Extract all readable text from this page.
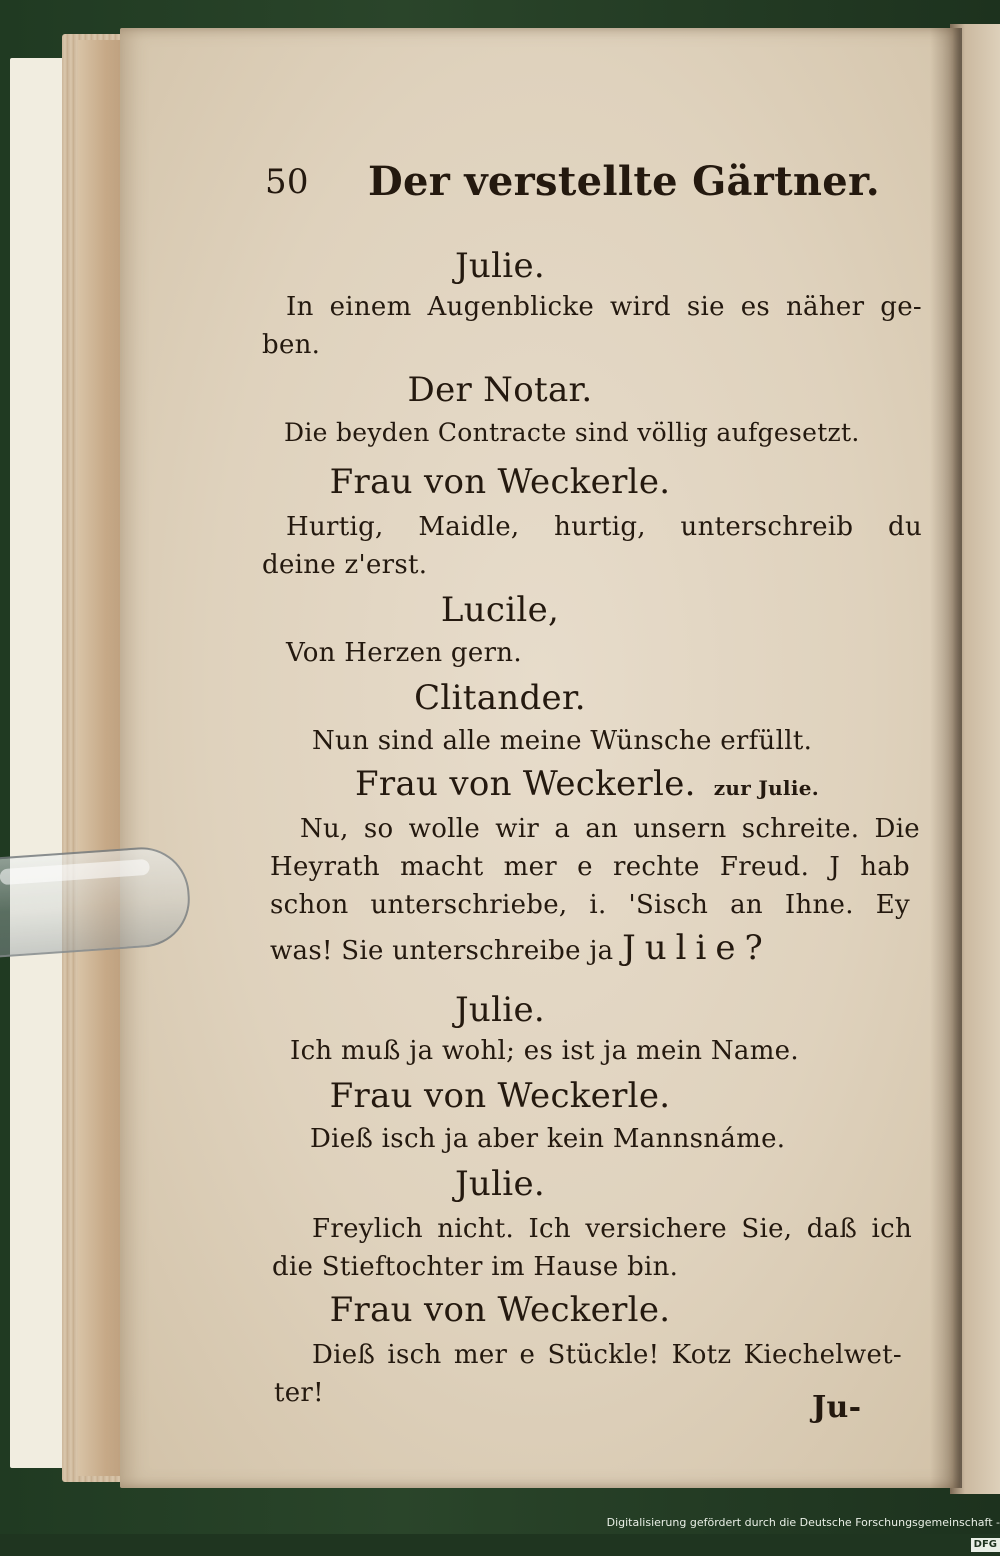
50 Der verstellte Gärtner.
Julie.
In einem Augenblicke wird sie es näher ge-
ben.
Der Notar.
Die beyden Contracte sind völlig aufgesetzt.
Frau von Weckerle.
Hurtig, Maidle, hurtig, unterschreib du
deine z'erst.
Lucile,
Von Herzen gern.
Clitander.
Nun sind alle meine Wünsche erfüllt.
Frau von Weckerle. zur Julie.
Nu, so wolle wir a an unsern schreite. Die
Heyrath macht mer e rechte Freud. J hab
schon unterschriebe, i. 'Sisch an Ihne. Ey
was! Sie unterschreibe ja Julie?
Julie.
Ich muß ja wohl; es ist ja mein Name.
Frau von Weckerle.
Dieß isch ja aber kein Mannsnáme.
Julie.
Freylich nicht. Ich versichere Sie, daß ich
die Stieftochter im Hause bin.
Frau von Weckerle.
Dieß isch mer e Stückle! Kotz Kiechelwet-
ter!	Ju-
Digitalisierung gefördert durch die Deutsche Forschungsgemeinschaft -DFG
